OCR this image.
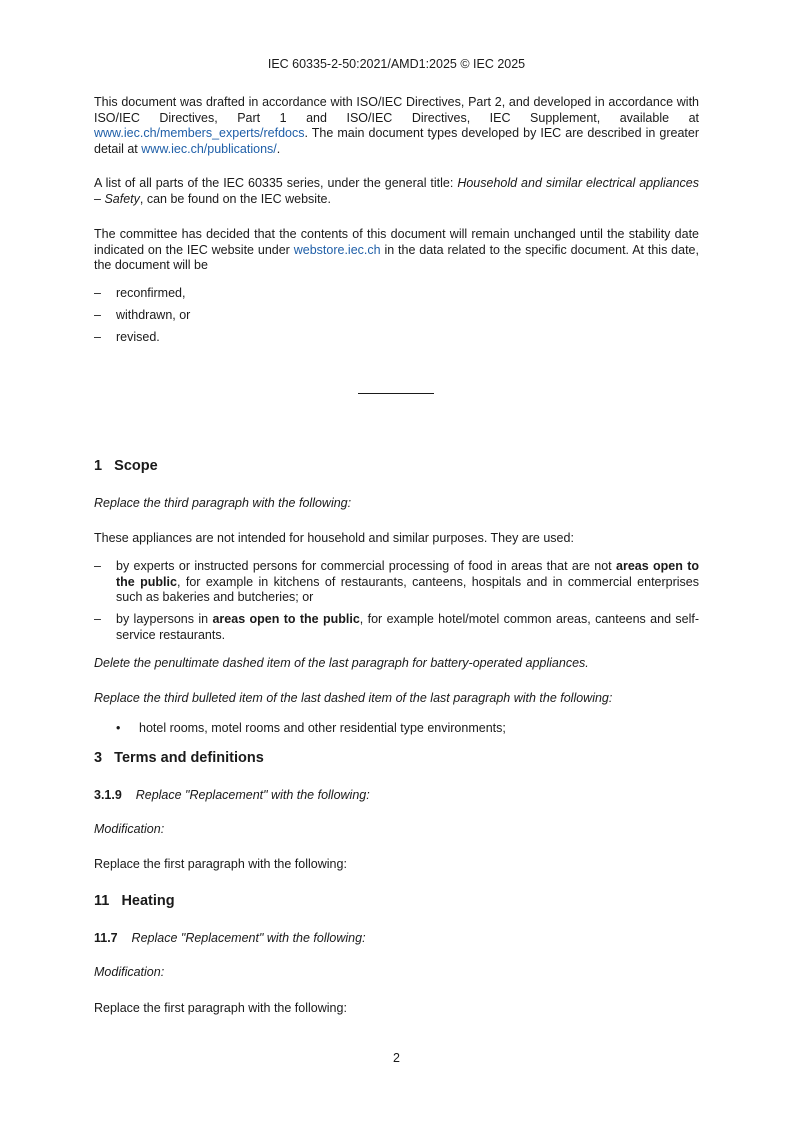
IEC 60335-2-50:2021/AMD1:2025 © IEC 2025

This document was drafted in accordance with ISO/IEC Directives, Part 2, and developed in accordance with ISO/IEC Directives, Part 1 and ISO/IEC Directives, IEC Supplement, available at www.iec.ch/members_experts/refdocs. The main document types developed by IEC are described in greater detail at www.iec.ch/publications/.

A list of all parts of the IEC 60335 series, under the general title: Household and similar electrical appliances – Safety, can be found on the IEC website.

The committee has decided that the contents of this document will remain unchanged until the stability date indicated on the IEC website under webstore.iec.ch in the data related to the specific document. At this date, the document will be

– reconfirmed,
– withdrawn, or
– revised.
1 Scope

Replace the third paragraph with the following:

These appliances are not intended for household and similar purposes. They are used:

– by experts or instructed persons for commercial processing of food in areas that are not areas open to the public, for example in kitchens of restaurants, canteens, hospitals and in commercial enterprises such as bakeries and butcheries; or
– by laypersons in areas open to the public, for example hotel/motel common areas, canteens and self-service restaurants.

Delete the penultimate dashed item of the last paragraph for battery-operated appliances.

Replace the third bulleted item of the last dashed item of the last paragraph with the following:

• hotel rooms, motel rooms and other residential type environments;
3 Terms and definitions

3.1.9 Replace "Replacement" with the following:

Modification:

Replace the first paragraph with the following:

11 Heating

11.7 Replace "Replacement" with the following:

Modification:

Replace the first paragraph with the following:

2
